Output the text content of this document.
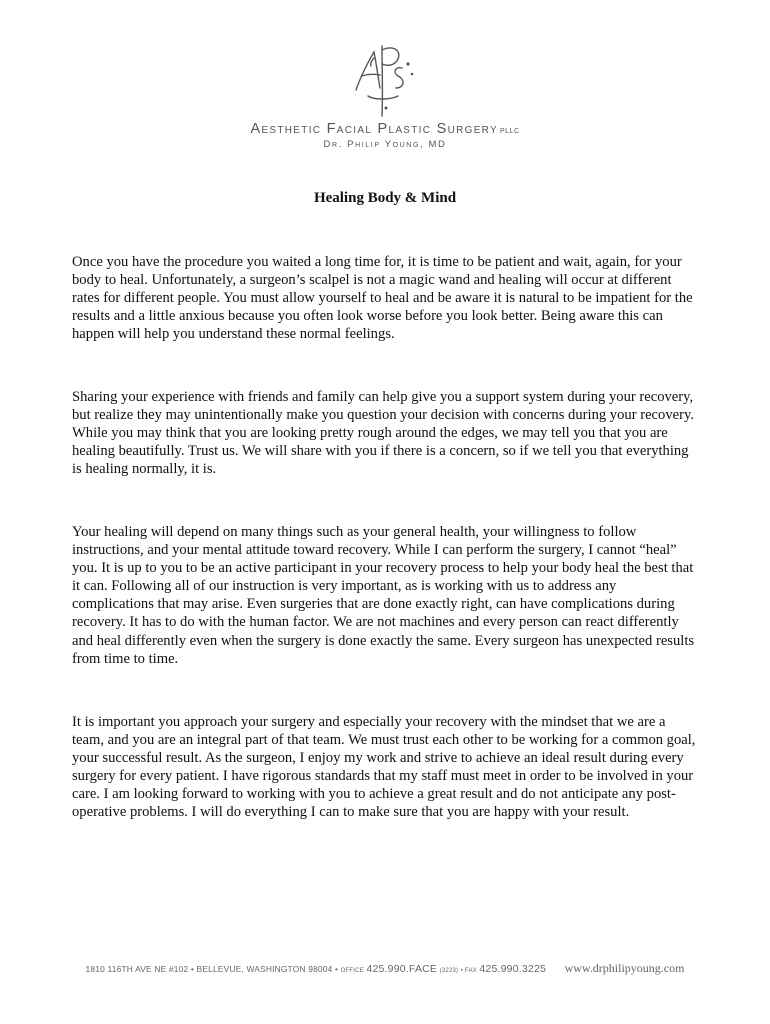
Aesthetic Facial Plastic Surgery PLLC
Dr. Philip Young, MD
Healing Body & Mind

Once you have the procedure you waited a long time for, it is time to be patient and wait, again, for your body to heal. Unfortunately, a surgeon’s scalpel is not a magic wand and healing will occur at different rates for different people. You must allow yourself to heal and be aware it is natural to be impatient for the results and a little anxious because you often look worse before you look better. Being aware this can happen will help you understand these normal feelings.

Sharing your experience with friends and family can help give you a support system during your recovery, but realize they may unintentionally make you question your decision with concerns during your recovery. While you may think that you are looking pretty rough around the edges, we may tell you that you are healing beautifully. Trust us. We will share with you if there is a concern, so if we tell you that everything is healing normally, it is.

Your healing will depend on many things such as your general health, your willingness to follow instructions, and your mental attitude toward recovery. While I can perform the surgery, I cannot “heal” you. It is up to you to be an active participant in your recovery process to help your body heal the best that it can. Following all of our instruction is very important, as is working with us to address any complications that may arise. Even surgeries that are done exactly right, can have complications during recovery. It has to do with the human factor. We are not machines and every person can react differently and heal differently even when the surgery is done exactly the same. Every surgeon has unexpected results from time to time.

It is important you approach your surgery and especially your recovery with the mindset that we are a team, and you are an integral part of that team. We must trust each other to be working for a common goal, your successful result. As the surgeon, I enjoy my work and strive to achieve an ideal result during every surgery for every patient. I have rigorous standards that my staff must meet in order to be involved in your care. I am looking forward to working with you to achieve a great result and do not anticipate any post-operative problems. I will do everything I can to make sure that you are happy with your result.

1810 116TH AVE NE #102 • BELLEVUE, WASHINGTON 98004 • OFFICE 425.990.FACE (3223) • FAX 425.990.3225 www.drphilipyoung.com
